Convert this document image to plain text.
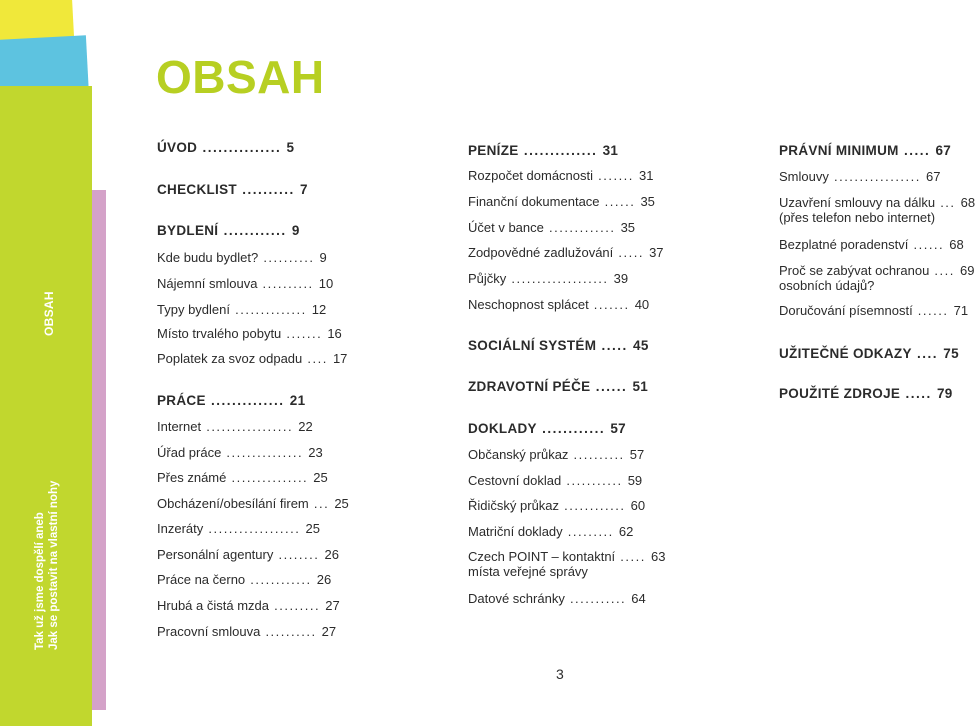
OBSAH
Tak už jsme dospělí aneb Jak se postavit na vlastní nohy
OBSAH
ÚVOD ............... 5
CHECKLIST .......... 7
BYDLENÍ ............ 9
Kde budu bydlet? .......... 9
Nájemní smlouva .......... 10
Typy bydlení .............. 12
Místo trvalého pobytu ....... 16
Poplatek za svoz odpadu .... 17
PRÁCE .............. 21
Internet ................. 22
Úřad práce ............... 23
Přes známé ............... 25
Obcházení/obesílání firem ... 25
Inzeráty .................. 25
Personální agentury ........ 26
Práce na černo ............ 26
Hrubá a čistá mzda ......... 27
Pracovní smlouva .......... 27
PENÍZE .............. 31
Rozpočet domácnosti ....... 31
Finanční dokumentace ...... 35
Účet v bance ............. 35
Zodpovědné zadlužování ..... 37
Půjčky ................... 39
Neschopnost splácet ....... 40
SOCIÁLNÍ SYSTÉM ..... 45
ZDRAVOTNÍ PÉČE ...... 51
DOKLADY ............ 57
Občanský průkaz .......... 57
Cestovní doklad ........... 59
Řidičský průkaz ............ 60
Matriční doklady ......... 62
Czech POINT – kontaktní ..... 63
místa veřejné správy
Datové schránky ........... 64
PRÁVNÍ MINIMUM ..... 67
Smlouvy ................. 67
Uzavření smlouvy na dálku ... 68
(přes telefon nebo internet)
Bezplatné poradenství ...... 68
Proč se zabývat ochranou .... 69
osobních údajů?
Doručování písemností ...... 71
UŽITEČNÉ ODKAZY .... 75
POUŽITÉ ZDROJE ..... 79
3
